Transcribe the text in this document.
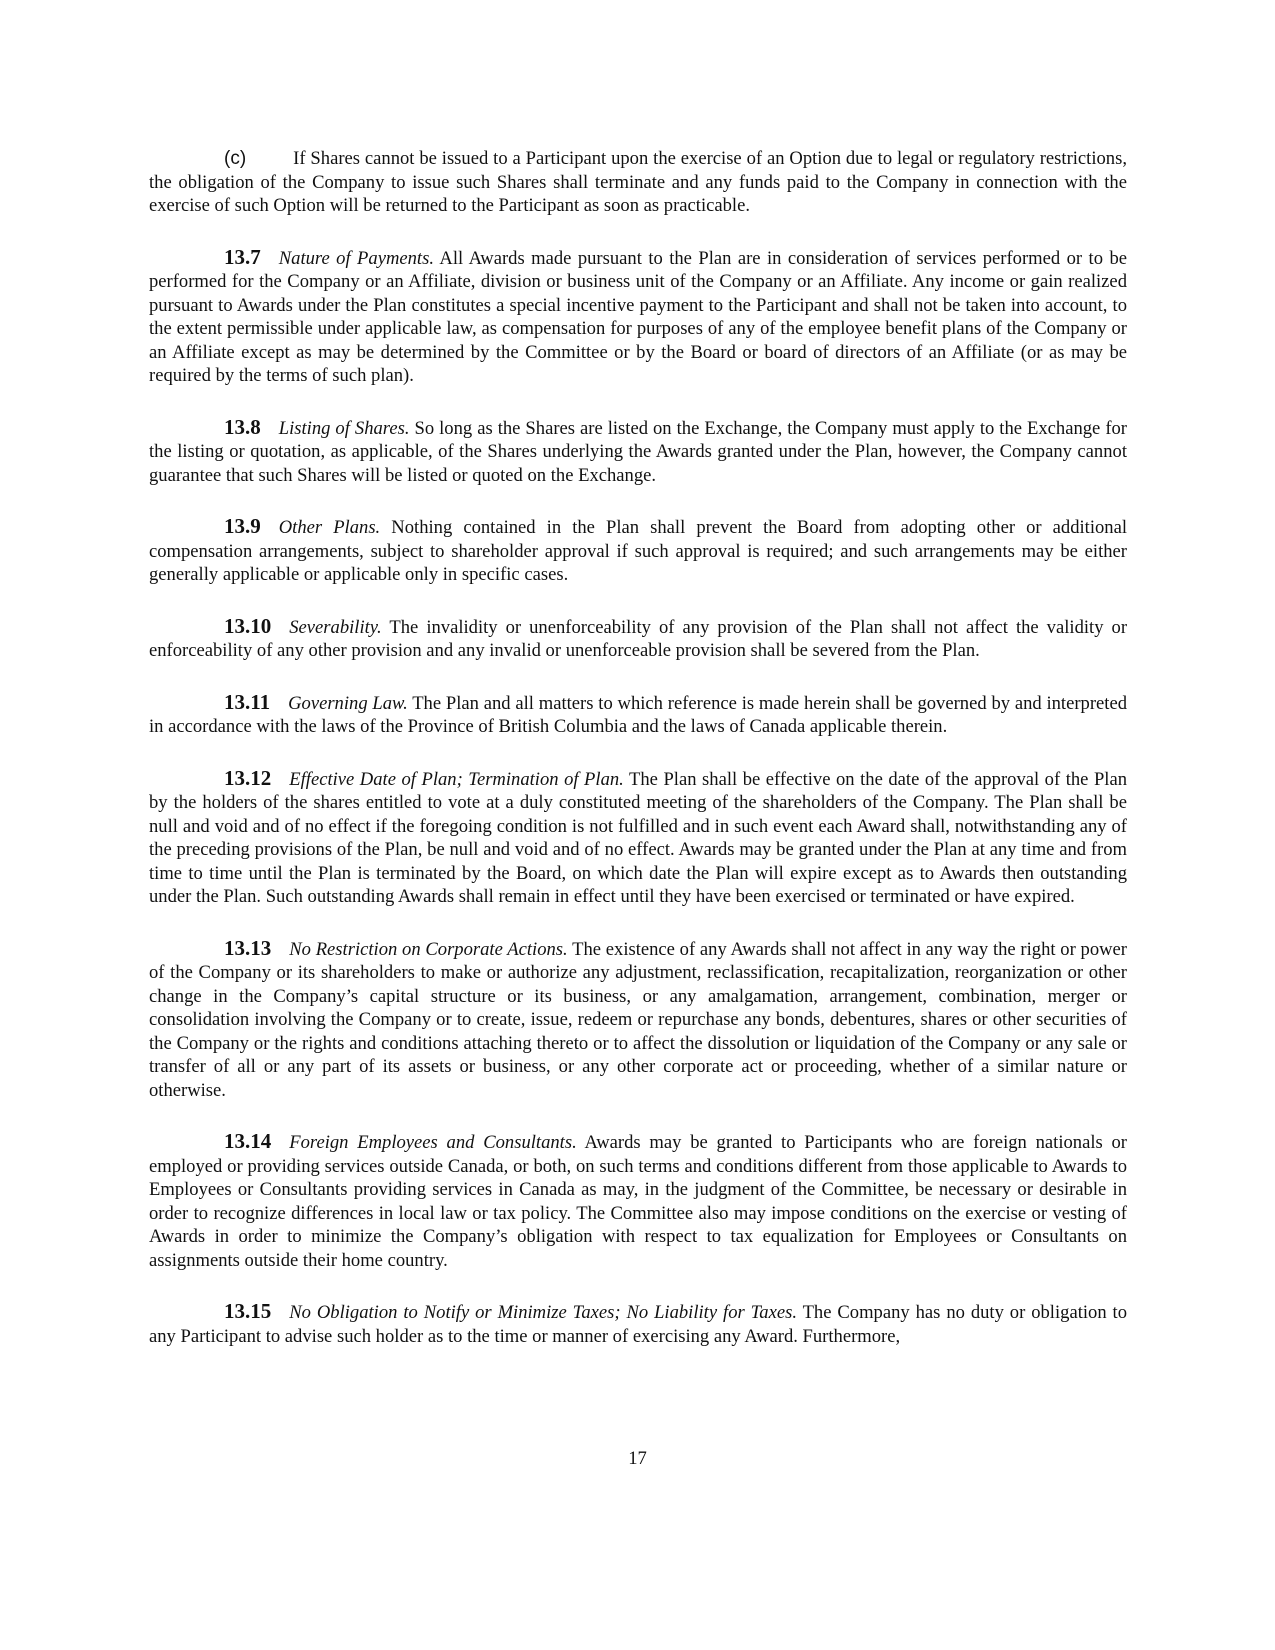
(c)	If Shares cannot be issued to a Participant upon the exercise of an Option due to legal or regulatory restrictions, the obligation of the Company to issue such Shares shall terminate and any funds paid to the Company in connection with the exercise of such Option will be returned to the Participant as soon as practicable.

13.7 Nature of Payments. All Awards made pursuant to the Plan are in consideration of services performed or to be performed for the Company or an Affiliate, division or business unit of the Company or an Affiliate. Any income or gain realized pursuant to Awards under the Plan constitutes a special incentive payment to the Participant and shall not be taken into account, to the extent permissible under applicable law, as compensation for purposes of any of the employee benefit plans of the Company or an Affiliate except as may be determined by the Committee or by the Board or board of directors of an Affiliate (or as may be required by the terms of such plan).

13.8 Listing of Shares. So long as the Shares are listed on the Exchange, the Company must apply to the Exchange for the listing or quotation, as applicable, of the Shares underlying the Awards granted under the Plan, however, the Company cannot guarantee that such Shares will be listed or quoted on the Exchange.

13.9 Other Plans. Nothing contained in the Plan shall prevent the Board from adopting other or additional compensation arrangements, subject to shareholder approval if such approval is required; and such arrangements may be either generally applicable or applicable only in specific cases.

13.10 Severability. The invalidity or unenforceability of any provision of the Plan shall not affect the validity or enforceability of any other provision and any invalid or unenforceable provision shall be severed from the Plan.

13.11 Governing Law. The Plan and all matters to which reference is made herein shall be governed by and interpreted in accordance with the laws of the Province of British Columbia and the laws of Canada applicable therein.

13.12 Effective Date of Plan; Termination of Plan. The Plan shall be effective on the date of the approval of the Plan by the holders of the shares entitled to vote at a duly constituted meeting of the shareholders of the Company. The Plan shall be null and void and of no effect if the foregoing condition is not fulfilled and in such event each Award shall, notwithstanding any of the preceding provisions of the Plan, be null and void and of no effect. Awards may be granted under the Plan at any time and from time to time until the Plan is terminated by the Board, on which date the Plan will expire except as to Awards then outstanding under the Plan. Such outstanding Awards shall remain in effect until they have been exercised or terminated or have expired.

13.13 No Restriction on Corporate Actions. The existence of any Awards shall not affect in any way the right or power of the Company or its shareholders to make or authorize any adjustment, reclassification, recapitalization, reorganization or other change in the Company’s capital structure or its business, or any amalgamation, arrangement, combination, merger or consolidation involving the Company or to create, issue, redeem or repurchase any bonds, debentures, shares or other securities of the Company or the rights and conditions attaching thereto or to affect the dissolution or liquidation of the Company or any sale or transfer of all or any part of its assets or business, or any other corporate act or proceeding, whether of a similar nature or otherwise.

13.14 Foreign Employees and Consultants. Awards may be granted to Participants who are foreign nationals or employed or providing services outside Canada, or both, on such terms and conditions different from those applicable to Awards to Employees or Consultants providing services in Canada as may, in the judgment of the Committee, be necessary or desirable in order to recognize differences in local law or tax policy. The Committee also may impose conditions on the exercise or vesting of Awards in order to minimize the Company’s obligation with respect to tax equalization for Employees or Consultants on assignments outside their home country.

13.15 No Obligation to Notify or Minimize Taxes; No Liability for Taxes. The Company has no duty or obligation to any Participant to advise such holder as to the time or manner of exercising any Award. Furthermore,

17
